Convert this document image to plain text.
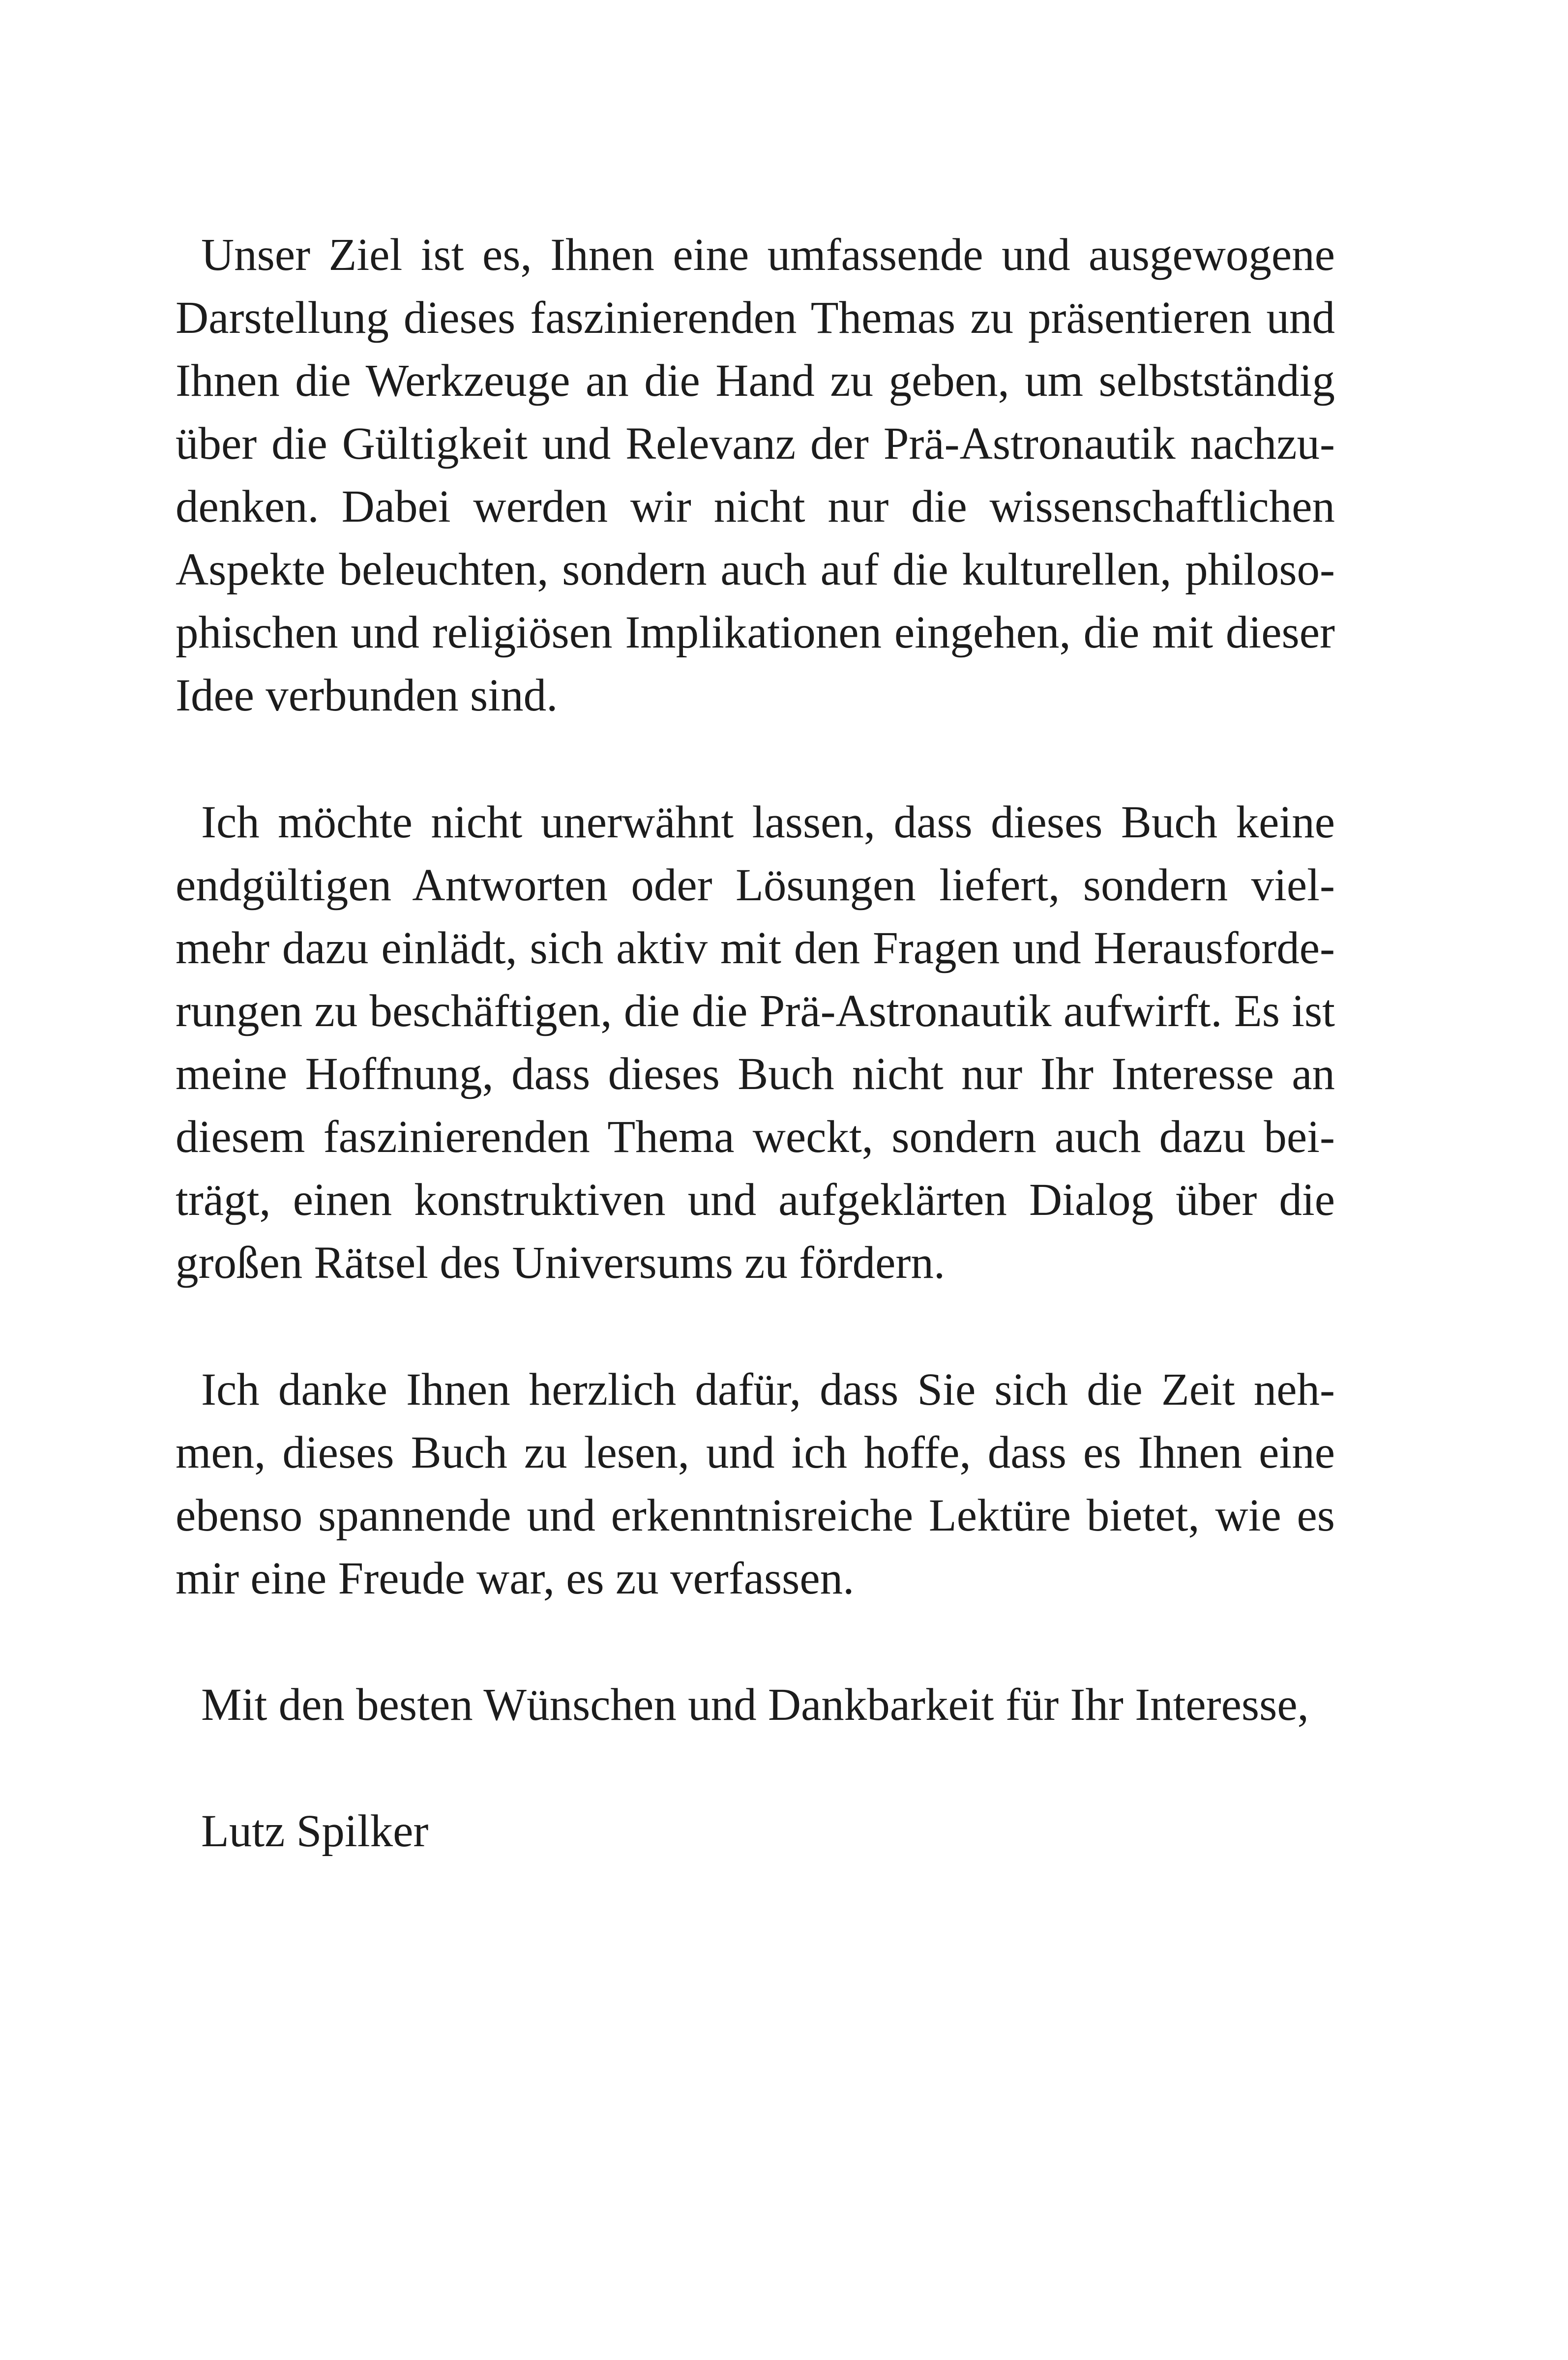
Unser Ziel ist es, Ihnen eine umfassende und ausgewogene
Darstellung dieses faszinierenden Themas zu präsentieren und
Ihnen die Werkzeuge an die Hand zu geben, um selbstständig
über die Gültigkeit und Relevanz der Prä-Astronautik nachzu-
denken. Dabei werden wir nicht nur die wissenschaftlichen
Aspekte beleuchten, sondern auch auf die kulturellen, philoso-
phischen und religiösen Implikationen eingehen, die mit dieser
Idee verbunden sind.

Ich möchte nicht unerwähnt lassen, dass dieses Buch keine
endgültigen Antworten oder Lösungen liefert, sondern viel-
mehr dazu einlädt, sich aktiv mit den Fragen und Herausforde-
rungen zu beschäftigen, die die Prä-Astronautik aufwirft. Es ist
meine Hoffnung, dass dieses Buch nicht nur Ihr Interesse an
diesem faszinierenden Thema weckt, sondern auch dazu bei-
trägt, einen konstruktiven und aufgeklärten Dialog über die
großen Rätsel des Universums zu fördern.

Ich danke Ihnen herzlich dafür, dass Sie sich die Zeit neh-
men, dieses Buch zu lesen, und ich hoffe, dass es Ihnen eine
ebenso spannende und erkenntnisreiche Lektüre bietet, wie es
mir eine Freude war, es zu verfassen.

Mit den besten Wünschen und Dankbarkeit für Ihr Interesse,

Lutz Spilker
